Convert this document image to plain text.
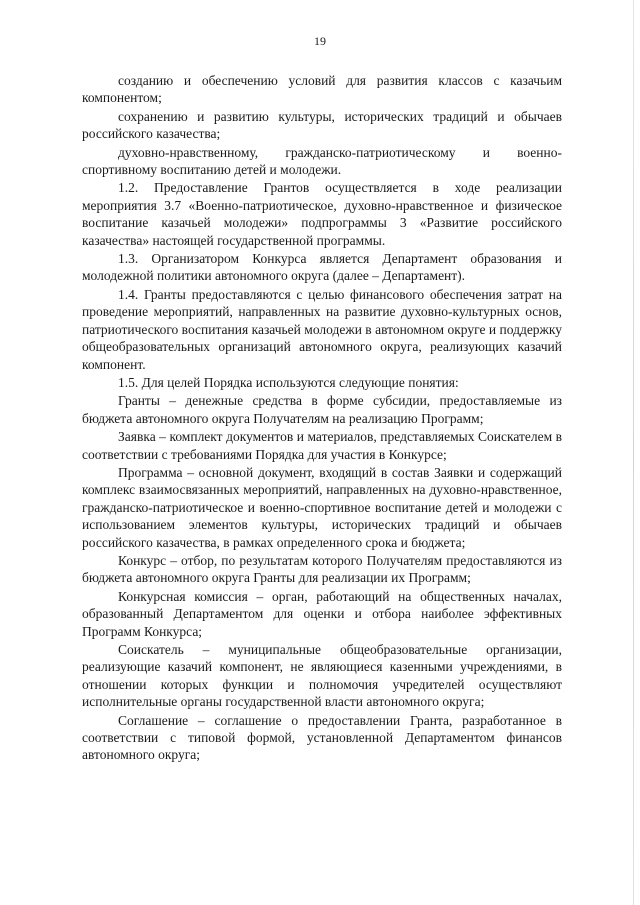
19

созданию и обеспечению условий для развития классов с казачьим компонентом;

сохранению и развитию культуры, исторических традиций и обычаев российского казачества;

духовно-нравственному, гражданско-патриотическому и военно-спортивному воспитанию детей и молодежи.

1.2. Предоставление Грантов осуществляется в ходе реализации мероприятия 3.7 «Военно-патриотическое, духовно-нравственное и физическое воспитание казачьей молодежи» подпрограммы 3 «Развитие российского казачества» настоящей государственной программы.

1.3. Организатором Конкурса является Департамент образования и молодежной политики автономного округа (далее – Департамент).

1.4. Гранты предоставляются с целью финансового обеспечения затрат на проведение мероприятий, направленных на развитие духовно-культурных основ, патриотического воспитания казачьей молодежи в автономном округе и поддержку общеобразовательных организаций автономного округа, реализующих казачий компонент.

1.5. Для целей Порядка используются следующие понятия:

Гранты – денежные средства в форме субсидии, предоставляемые из бюджета автономного округа Получателям на реализацию Программ;

Заявка – комплект документов и материалов, представляемых Соискателем в соответствии с требованиями Порядка для участия в Конкурсе;

Программа – основной документ, входящий в состав Заявки и содержащий комплекс взаимосвязанных мероприятий, направленных на духовно-нравственное, гражданско-патриотическое и военно-спортивное воспитание детей и молодежи с использованием элементов культуры, исторических традиций и обычаев российского казачества, в рамках определенного срока и бюджета;

Конкурс – отбор, по результатам которого Получателям предоставляются из бюджета автономного округа Гранты для реализации их Программ;

Конкурсная комиссия – орган, работающий на общественных началах, образованный Департаментом для оценки и отбора наиболее эффективных Программ Конкурса;

Соискатель – муниципальные общеобразовательные организации, реализующие казачий компонент, не являющиеся казенными учреждениями, в отношении которых функции и полномочия учредителей осуществляют исполнительные органы государственной власти автономного округа;

Соглашение – соглашение о предоставлении Гранта, разработанное в соответствии с типовой формой, установленной Департаментом финансов автономного округа;
